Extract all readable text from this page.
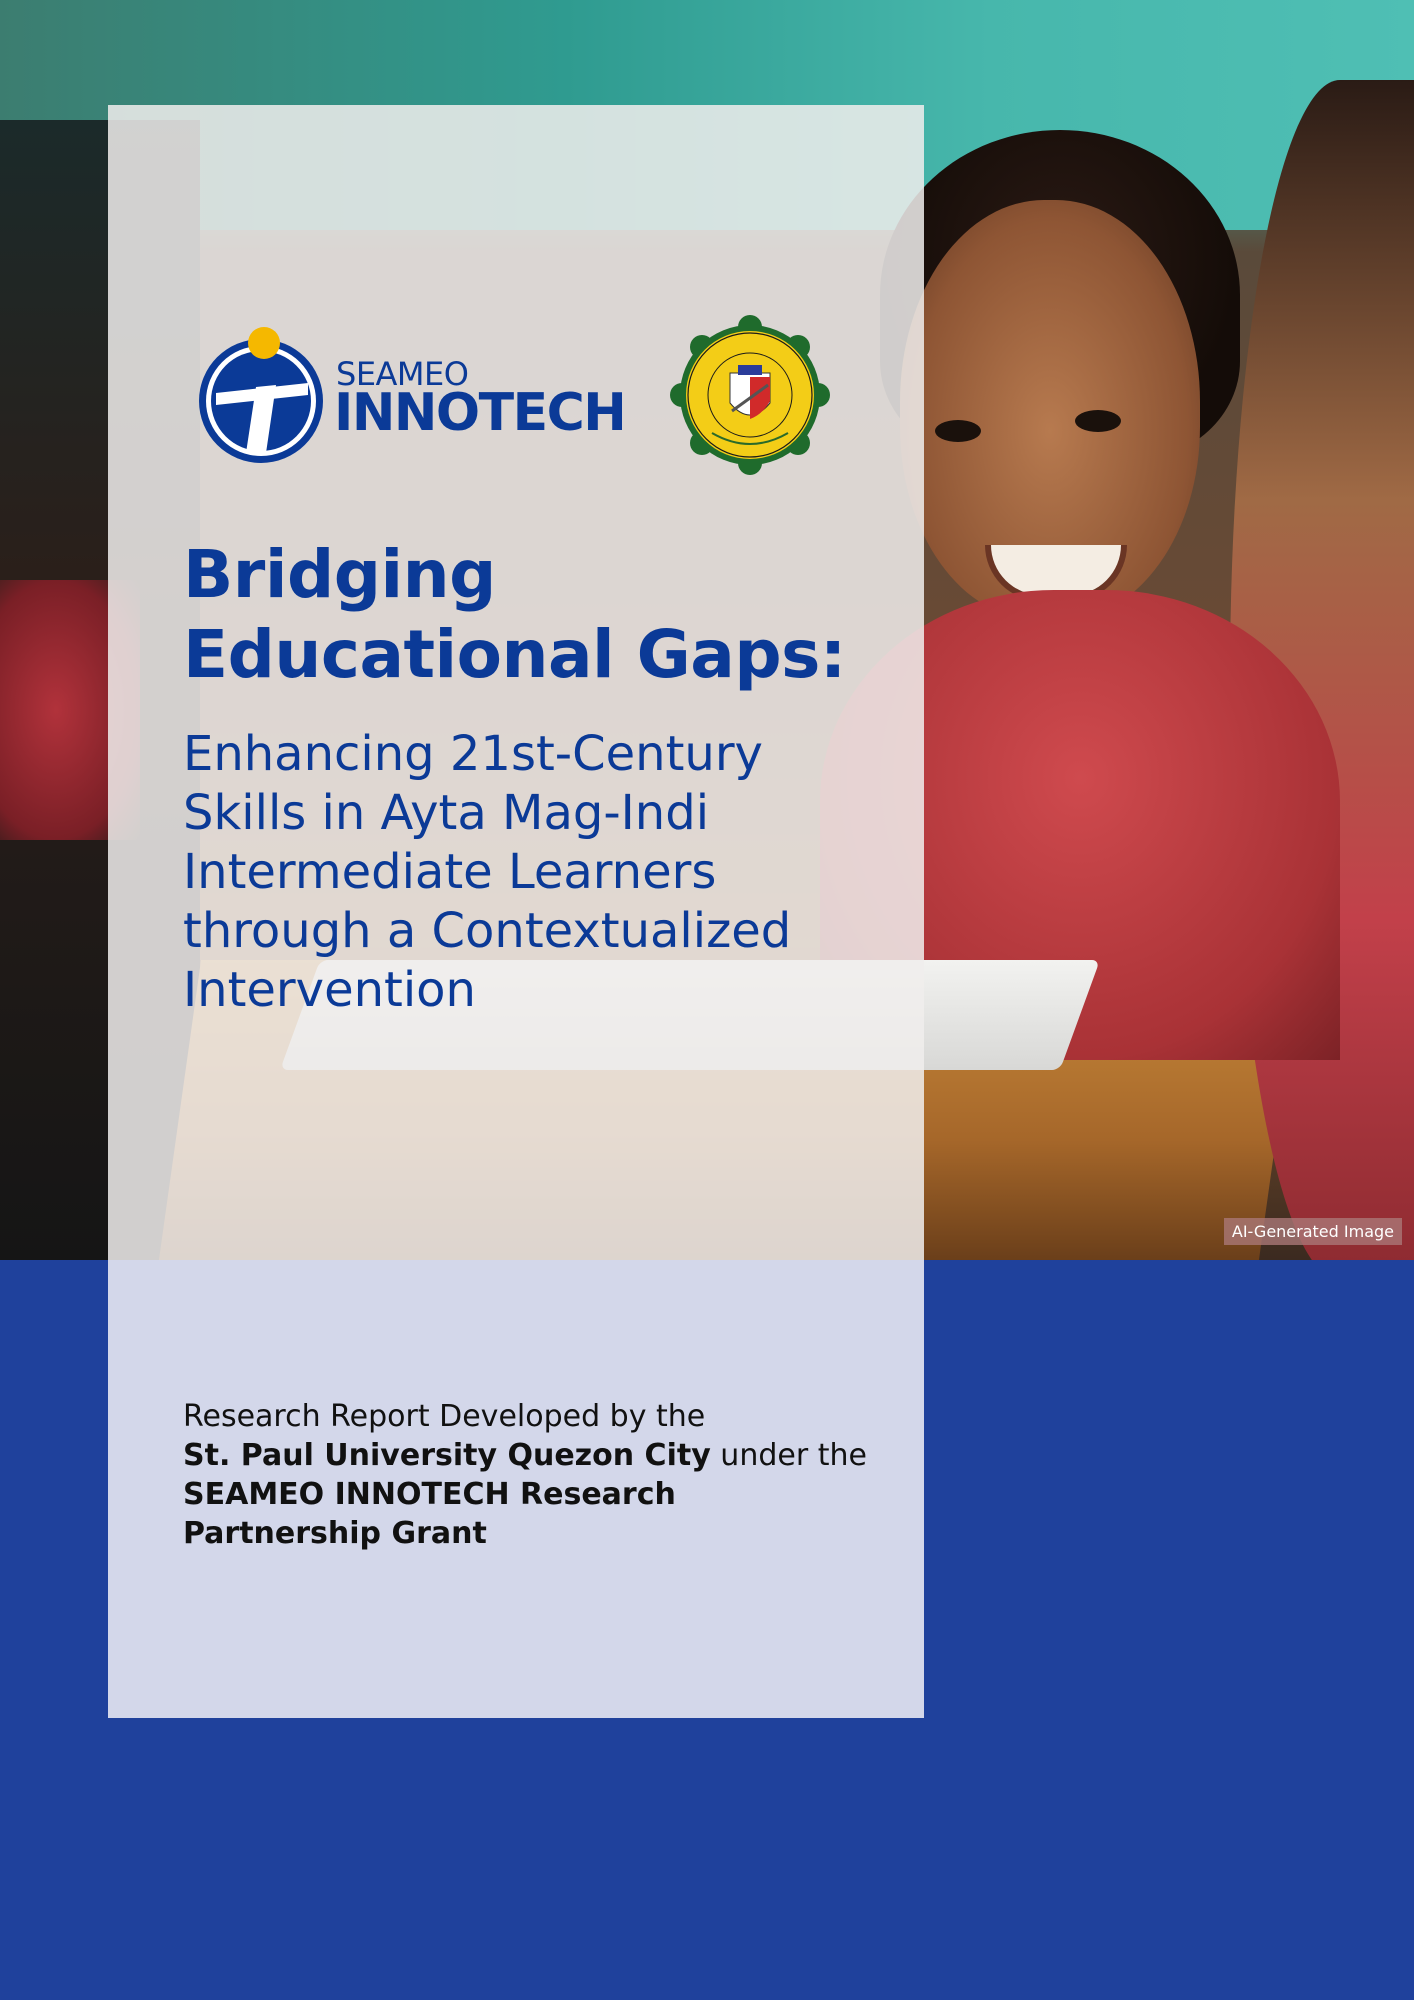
AI-Generated Image
SEAMEO
INNOTECH
Bridging
Educational Gaps:

Enhancing 21st-Century
Skills in Ayta Mag-Indi
Intermediate Learners
through a Contextualized
Intervention

Research Report Developed by the
St. Paul University Quezon City under the
SEAMEO INNOTECH Research Partnership Grant
